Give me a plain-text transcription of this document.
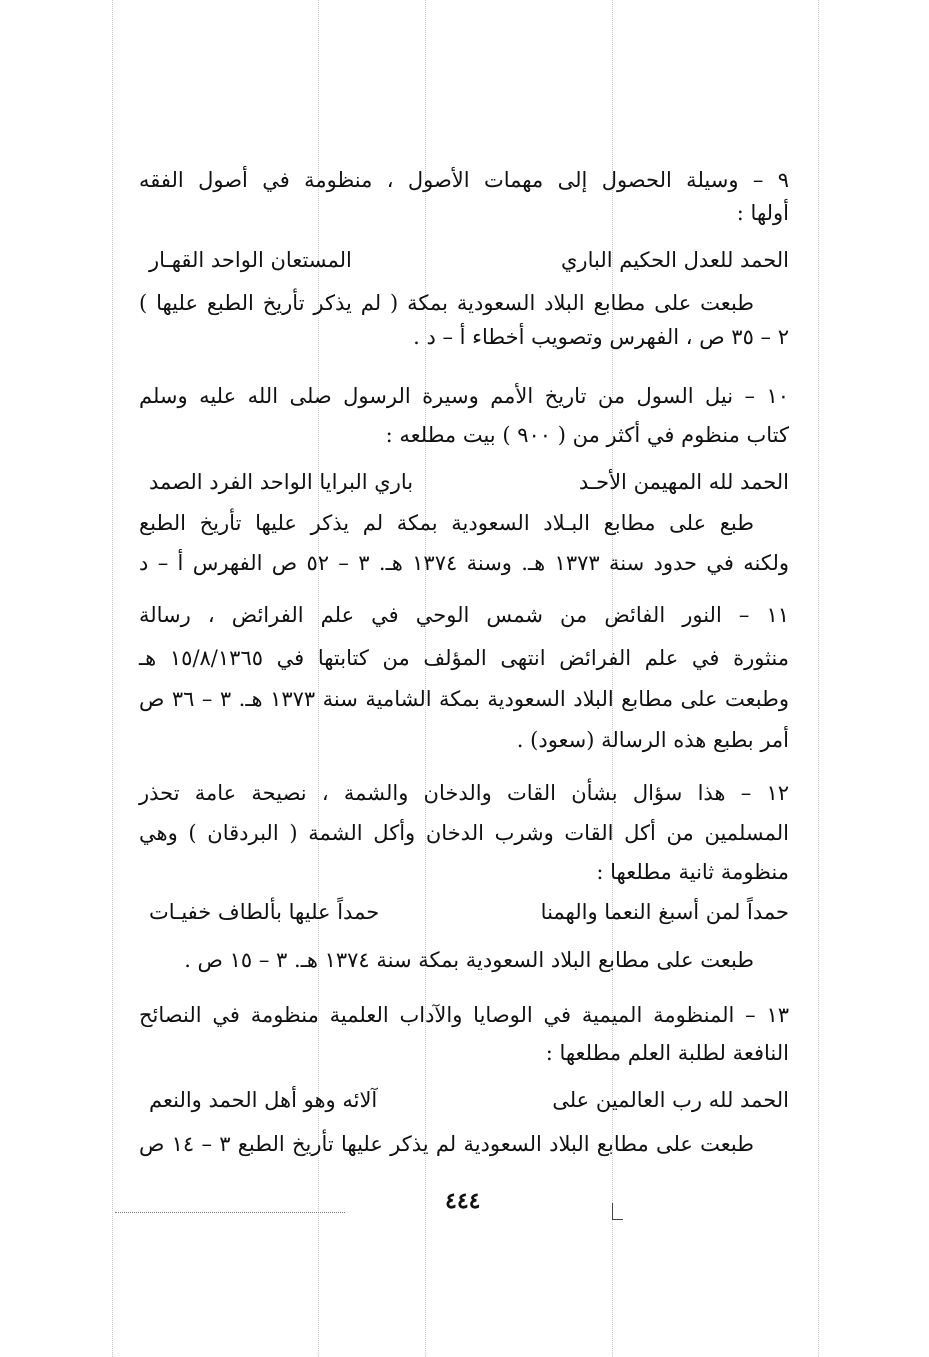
٩ – وسيلة الحصول إلى مهمات الأصول ، منظومة في أصول الفقه
أولها :
الحمد للعدل الحكيم الباري
المستعان الواحد القهـار
طبعت على مطابع البلاد السعودية بمكة ( لم يذكر تأريخ الطبع عليها )
٢ – ٣٥ ص ، الفهرس وتصويب أخطاء أ – د .
١٠ – نيل السول من تاريخ الأمم وسيرة الرسول صلى الله عليه وسلم
كتاب منظوم في أكثر من ( ٩٠٠ ) بيت مطلعه :
الحمد لله المهيمن الأحـد
باري البرايا الواحد الفرد الصمد
طبع على مطابع البـلاد السعودية بمكة لم يذكر عليها تأريخ الطبع
ولكنه في حدود سنة ١٣٧٣ هـ. وسنة ١٣٧٤ هـ. ٣ – ٥٢ ص الفهرس أ – د
١١ – النور الفائض من شمس الوحي في علم الفرائض ، رسالة
منثورة في علم الفرائض انتهى المؤلف من كتابتها في ١٥/٨/١٣٦٥ هـ
وطبعت على مطابع البلاد السعودية بمكة الشامية سنة ١٣٧٣ هـ. ٣ – ٣٦ ص
أمر بطبع هذه الرسالة (سعود) .
١٢ – هذا سؤال بشأن القات والدخان والشمة ، نصيحة عامة تحذر
المسلمين من أكل القات وشرب الدخان وأكل الشمة ( البردقان ) وهي
منظومة ثانية مطلعها :
حمداً لمن أسبغ النعما والهمنا
حمداً عليها بألطاف خفيـات
طبعت على مطابع البلاد السعودية بمكة سنة ١٣٧٤ هـ. ٣ – ١٥ ص .
١٣ – المنظومة الميمية في الوصايا والآداب العلمية منظومة في النصائح
النافعة لطلبة العلم مطلعها :
الحمد لله رب العالمين على
آلائه وهو أهل الحمد والنعم
طبعت على مطابع البلاد السعودية لم يذكر عليها تأريخ الطبع ٣ – ١٤ ص
٤٤٤
